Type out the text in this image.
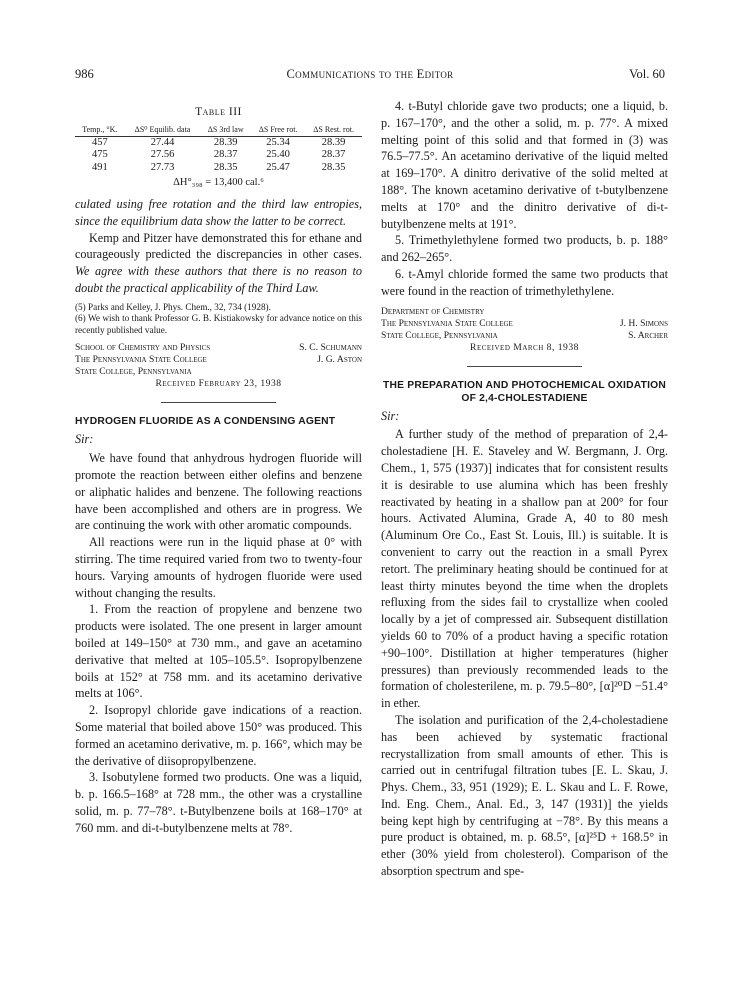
986	Communications to the Editor	Vol. 60
Table III
Temp., °K.	ΔS⁰ Equilib. data	ΔS 3rd law	ΔS Free rot.	ΔS Rest. rot.
457	27.44	28.39	25.34	28.39
475	27.56	28.37	25.40	28.37
491	27.73	28.35	25.47	28.35
ΔH°₃₉₈ = 13,400 cal.⁶

culated using free rotation and the third law entropies, since the equilibrium data show the latter to be correct.

Kemp and Pitzer have demonstrated this for ethane and courageously predicted the discrepancies in other cases. We agree with these authors that there is no reason to doubt the practical applicability of the Third Law.

(5) Parks and Kelley, J. Phys. Chem., 32, 734 (1928).

(6) We wish to thank Professor G. B. Kistiakowsky for advance notice on this recently published value.

School of Chemistry and Physics	S. C. Schumann
The Pennsylvania State College	J. G. Aston
State College, Pennsylvania
Received February 23, 1938
HYDROGEN FLUORIDE AS A CONDENSING AGENT

Sir:

We have found that anhydrous hydrogen fluoride will promote the reaction between either olefins and benzene or aliphatic halides and benzene. The following reactions have been accomplished and others are in progress. We are continuing the work with other aromatic compounds.

All reactions were run in the liquid phase at 0° with stirring. The time required varied from two to twenty-four hours. Varying amounts of hydrogen fluoride were used without changing the results.

1. From the reaction of propylene and benzene two products were isolated. The one present in larger amount boiled at 149–150° at 730 mm., and gave an acetamino derivative that melted at 105–105.5°. Isopropylbenzene boils at 152° at 758 mm. and its acetamino derivative melts at 106°.

2. Isopropyl chloride gave indications of a reaction. Some material that boiled above 150° was produced. This formed an acetamino derivative, m. p. 166°, which may be the derivative of diisopropylbenzene.

3. Isobutylene formed two products. One was a liquid, b. p. 166.5–168° at 728 mm., the other was a crystalline solid, m. p. 77–78°. t-Butylbenzene boils at 168–170° at 760 mm. and di-t-butylbenzene melts at 78°.

4. t-Butyl chloride gave two products; one a liquid, b. p. 167–170°, and the other a solid, m. p. 77°. A mixed melting point of this solid and that formed in (3) was 76.5–77.5°. An acetamino derivative of the liquid melted at 169–170°. A dinitro derivative of the solid melted at 188°. The known acetamino derivative of t-butylbenzene melts at 170° and the dinitro derivative of di-t-butylbenzene melts at 191°.

5. Trimethylethylene formed two products, b. p. 188° and 262–265°.

6. t-Amyl chloride formed the same two products that were found in the reaction of trimethylethylene.

Department of Chemistry
The Pennsylvania State College	J. H. Simons
State College, Pennsylvania	S. Archer
Received March 8, 1938
THE PREPARATION AND PHOTOCHEMICAL OXIDATION OF 2,4-CHOLESTADIENE

Sir:

A further study of the method of preparation of 2,4-cholestadiene [H. E. Staveley and W. Bergmann, J. Org. Chem., 1, 575 (1937)] indicates that for consistent results it is desirable to use alumina which has been freshly reactivated by heating in a shallow pan at 200° for four hours. Activated Alumina, Grade A, 40 to 80 mesh (Aluminum Ore Co., East St. Louis, Ill.) is suitable. It is convenient to carry out the reaction in a small Pyrex retort. The preliminary heating should be continued for at least thirty minutes beyond the time when the droplets refluxing from the sides fail to crystallize when cooled locally by a jet of compressed air. Subsequent distillation yields 60 to 70% of a product having a specific rotation +90–100°. Distillation at higher temperatures (higher pressures) than previously recommended leads to the formation of cholesterilene, m. p. 79.5–80°, [α]²⁰D −51.4° in ether.

The isolation and purification of the 2,4-cholestadiene has been achieved by systematic fractional recrystallization from small amounts of ether. This is carried out in centrifugal filtration tubes [E. L. Skau, J. Phys. Chem., 33, 951 (1929); E. L. Skau and L. F. Rowe, Ind. Eng. Chem., Anal. Ed., 3, 147 (1931)] the yields being kept high by centrifuging at −78°. By this means a pure product is obtained, m. p. 68.5°, [α]²⁵D + 168.5° in ether (30% yield from cholesterol). Comparison of the absorption spectrum and spe-
